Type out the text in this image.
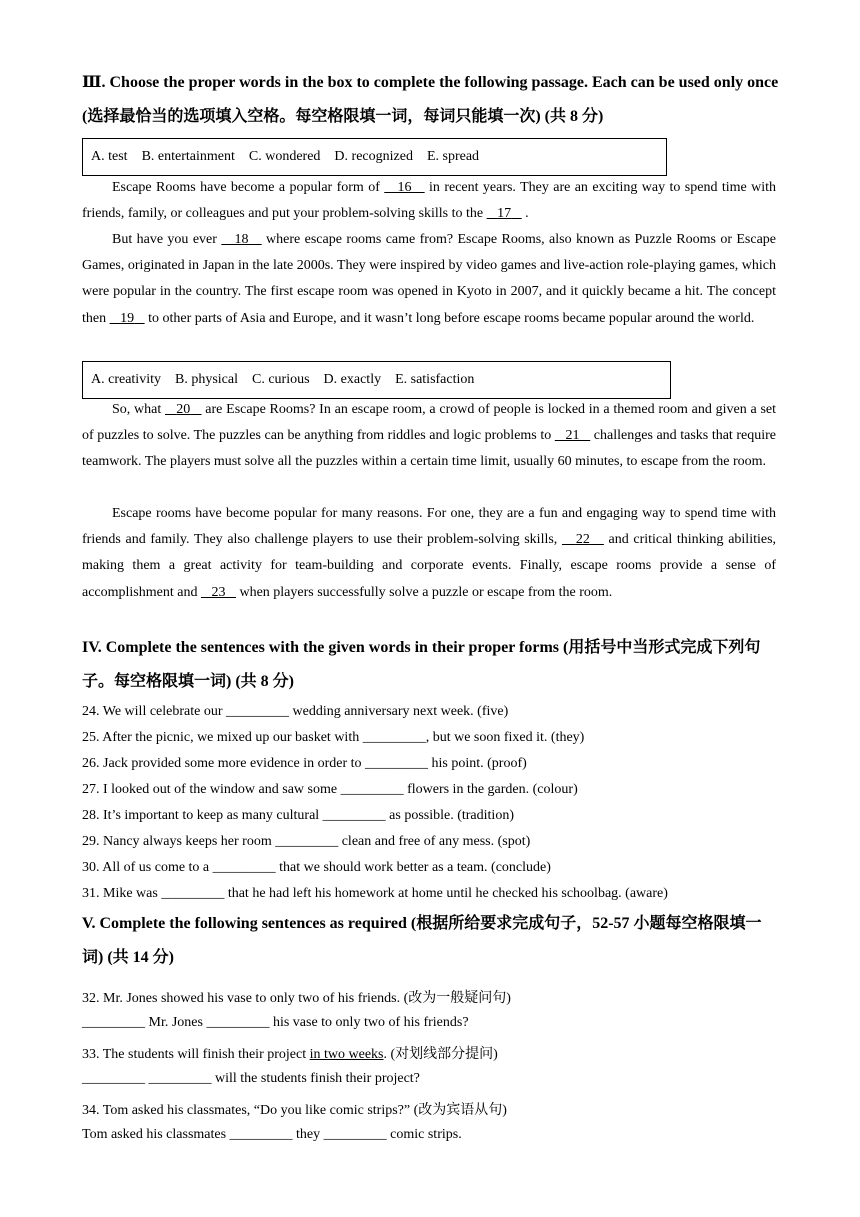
Ⅲ. Choose the proper words in the box to complete the following passage. Each can be used only once (选择最恰当的选项填入空格。每空格限填一词，每词只能填一次) (共 8 分)
A. test B. entertainment C. wondered D. recognized E. spread
Escape Rooms have become a popular form of    16    in recent years. They are an exciting way to spend time with friends, family, or colleagues and put your problem-solving skills to the    17    .
But have you ever    18    where escape rooms came from? Escape Rooms, also known as Puzzle Rooms or Escape Games, originated in Japan in the late 2000s. They were inspired by video games and live-action role-playing games, which were popular in the country. The first escape room was opened in Kyoto in 2007, and it quickly became a hit. The concept then    19    to other parts of Asia and Europe, and it wasn’t long before escape rooms became popular around the world.
A. creativity B. physical C. curious D. exactly E. satisfaction
So, what    20    are Escape Rooms? In an escape room, a crowd of people is locked in a themed room and given a set of puzzles to solve. The puzzles can be anything from riddles and logic problems to    21    challenges and tasks that require teamwork. The players must solve all the puzzles within a certain time limit, usually 60 minutes, to escape from the room.
Escape rooms have become popular for many reasons. For one, they are a fun and engaging way to spend time with friends and family. They also challenge players to use their problem-solving skills,    22    and critical thinking abilities, making them a great activity for team-building and corporate events. Finally, escape rooms provide a sense of accomplishment and    23    when players successfully solve a puzzle or escape from the room.
IV. Complete the sentences with the given words in their proper forms (用括号中当形式完成下列句子。每空格限填一词) (共 8 分)
24. We will celebrate our _________ wedding anniversary next week. (five)
25. After the picnic, we mixed up our basket with _________, but we soon fixed it. (they)
26. Jack provided some more evidence in order to _________ his point. (proof)
27. I looked out of the window and saw some _________ flowers in the garden. (colour)
28. It’s important to keep as many cultural _________ as possible. (tradition)
29. Nancy always keeps her room _________ clean and free of any mess. (spot)
30. All of us come to a _________ that we should work better as a team. (conclude)
31. Mike was _________ that he had left his homework at home until he checked his schoolbag. (aware)
V. Complete the following sentences as required (根据所给要求完成句子，52-57 小题每空格限填一词) (共 14 分)
32. Mr. Jones showed his vase to only two of his friends. (改为一般疑问句)
_________ Mr. Jones _________ his vase to only two of his friends?
33. The students will finish their project in two weeks. (对划线部分提问)
_________ _________ will the students finish their project?
34. Tom asked his classmates, “Do you like comic strips?” (改为宾语从句)
Tom asked his classmates _________ they _________ comic strips.
